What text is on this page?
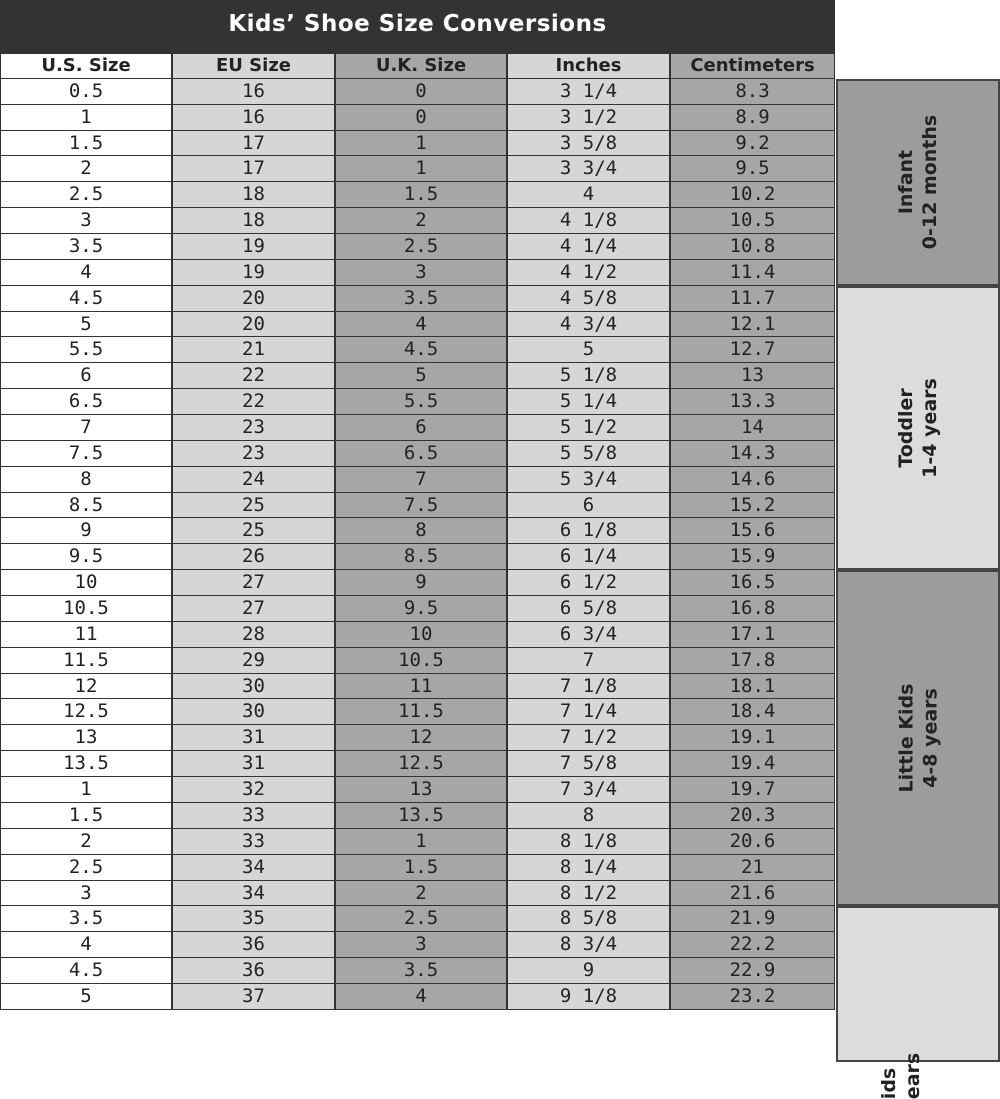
Kids’ Shoe Size Conversions
U.S. Size	EU Size	U.K. Size	Inches	Centimeters
0.5	16	0	3 1/4	8.3
1	16	0	3 1/2	8.9
1.5	17	1	3 5/8	9.2
2	17	1	3 3/4	9.5
2.5	18	1.5	4	10.2
3	18	2	4 1/8	10.5
3.5	19	2.5	4 1/4	10.8
4	19	3	4 1/2	11.4
4.5	20	3.5	4 5/8	11.7
5	20	4	4 3/4	12.1
5.5	21	4.5	5	12.7
6	22	5	5 1/8	13
6.5	22	5.5	5 1/4	13.3
7	23	6	5 1/2	14
7.5	23	6.5	5 5/8	14.3
8	24	7	5 3/4	14.6
8.5	25	7.5	6	15.2
9	25	8	6 1/8	15.6
9.5	26	8.5	6 1/4	15.9
10	27	9	6 1/2	16.5
10.5	27	9.5	6 5/8	16.8
11	28	10	6 3/4	17.1
11.5	29	10.5	7	17.8
12	30	11	7 1/8	18.1
12.5	30	11.5	7 1/4	18.4
13	31	12	7 1/2	19.1
13.5	31	12.5	7 5/8	19.4
1	32	13	7 3/4	19.7
1.5	33	13.5	8	20.3
2	33	1	8 1/8	20.6
2.5	34	1.5	8 1/4	21
3	34	2	8 1/2	21.6
3.5	35	2.5	8 5/8	21.9
4	36	3	8 3/4	22.2
4.5	36	3.5	9	22.9
5	37	4	9 1/8	23.2
Infant 0-12 months
Toddler 1-4 years
Little Kids 4-8 years
ids ears
